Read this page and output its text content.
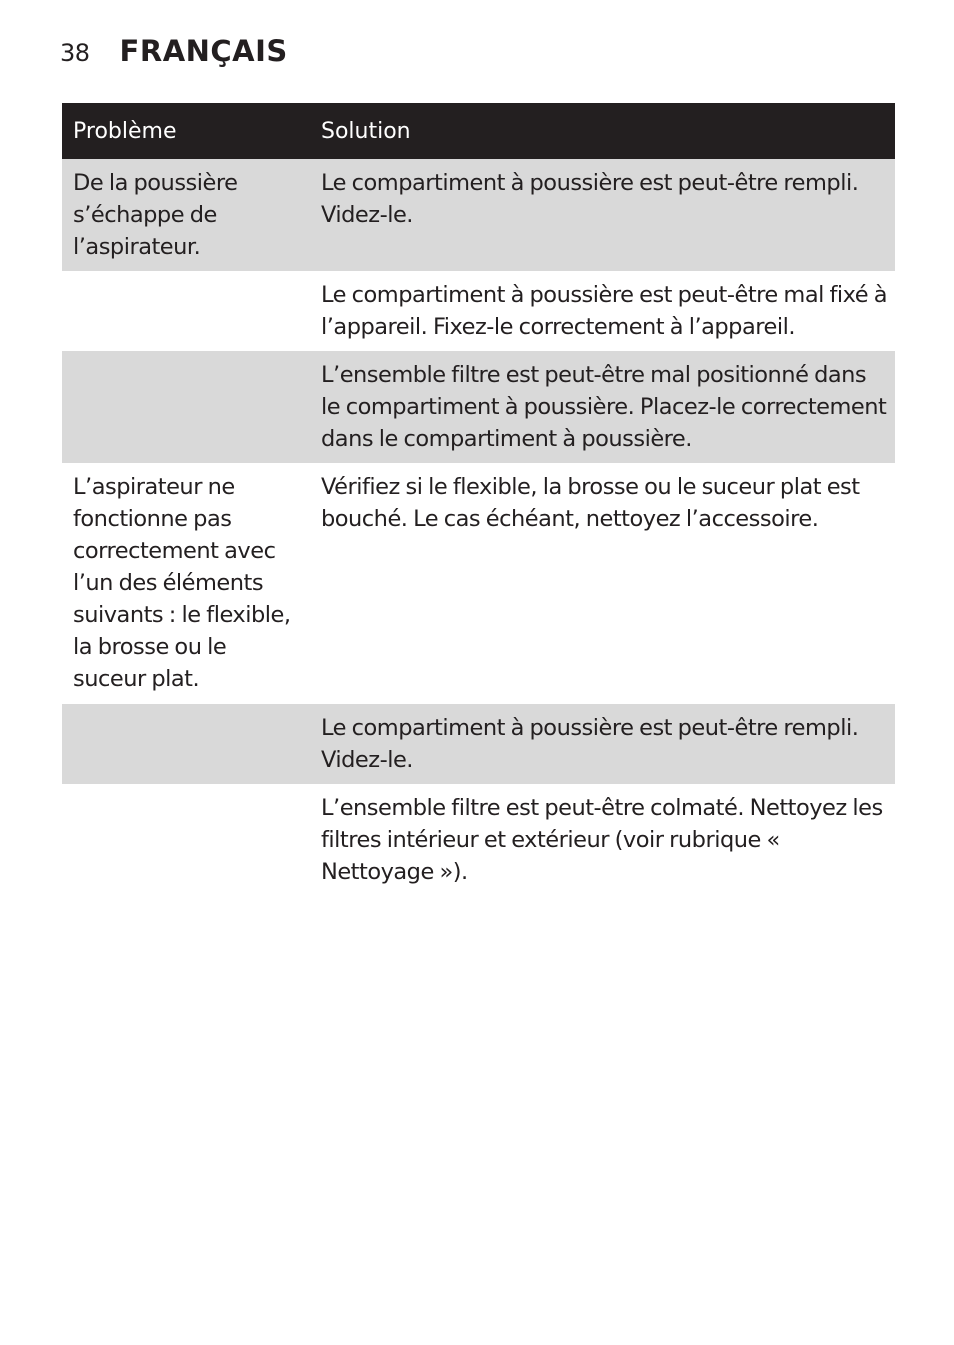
38 FRANÇAIS
Problème	Solution
De la poussière s’échappe de l’aspirateur.	Le compartiment à poussière est peut-être rempli. Videz-le.
	Le compartiment à poussière est peut-être mal fixé à l’appareil. Fixez-le correctement à l’appareil.
	L’ensemble filtre est peut-être mal positionné dans le compartiment à poussière. Placez-le correctement dans le compartiment à poussière.
L’aspirateur ne fonctionne pas correctement avec l’un des éléments suivants : le flexible, la brosse ou le suceur plat.	Vérifiez si le flexible, la brosse ou le suceur plat est bouché. Le cas échéant, nettoyez l’accessoire.
	Le compartiment à poussière est peut-être rempli. Videz-le.
	L’ensemble filtre est peut-être colmaté. Nettoyez les filtres intérieur et extérieur (voir rubrique « Nettoyage »).
